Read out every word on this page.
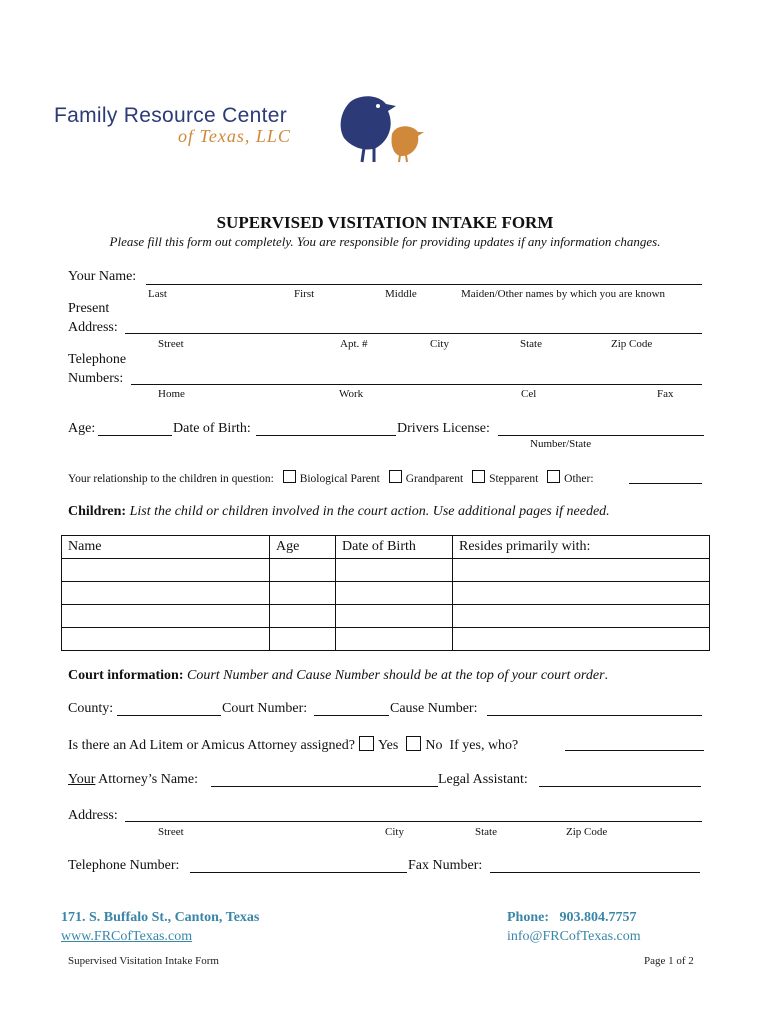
Family Resource Center
of Texas, LLC
SUPERVISED VISITATION INTAKE FORM
Please fill this form out completely. You are responsible for providing updates if any information changes.
Your Name:
Last	First	Middle	Maiden/Other names by which you are known
Present
Address:
Street	Apt. #	City	State	Zip Code
Telephone
Numbers:
Home	Work	Cel	Fax
Age:	Date of Birth:	Drivers License:
Number/State
Your relationship to the children in question: Biological Parent Grandparent Stepparent Other:
Children: List the child or children involved in the court action. Use additional pages if needed.
Name	Age	Date of Birth	Resides primarily with:

Court information: Court Number and Cause Number should be at the top of your court order.
County:	Court Number:	Cause Number:
Is there an Ad Litem or Amicus Attorney assigned? Yes No If yes, who?
Your Attorney’s Name:	Legal Assistant:
Address:
Street	City	State	Zip Code
Telephone Number:	Fax Number:
171. S. Buffalo St., Canton, Texas
www.FRCofTexas.com
Phone:   903.804.7757
info@FRCofTexas.com
Supervised Visitation Intake Form	Page 1 of 2
